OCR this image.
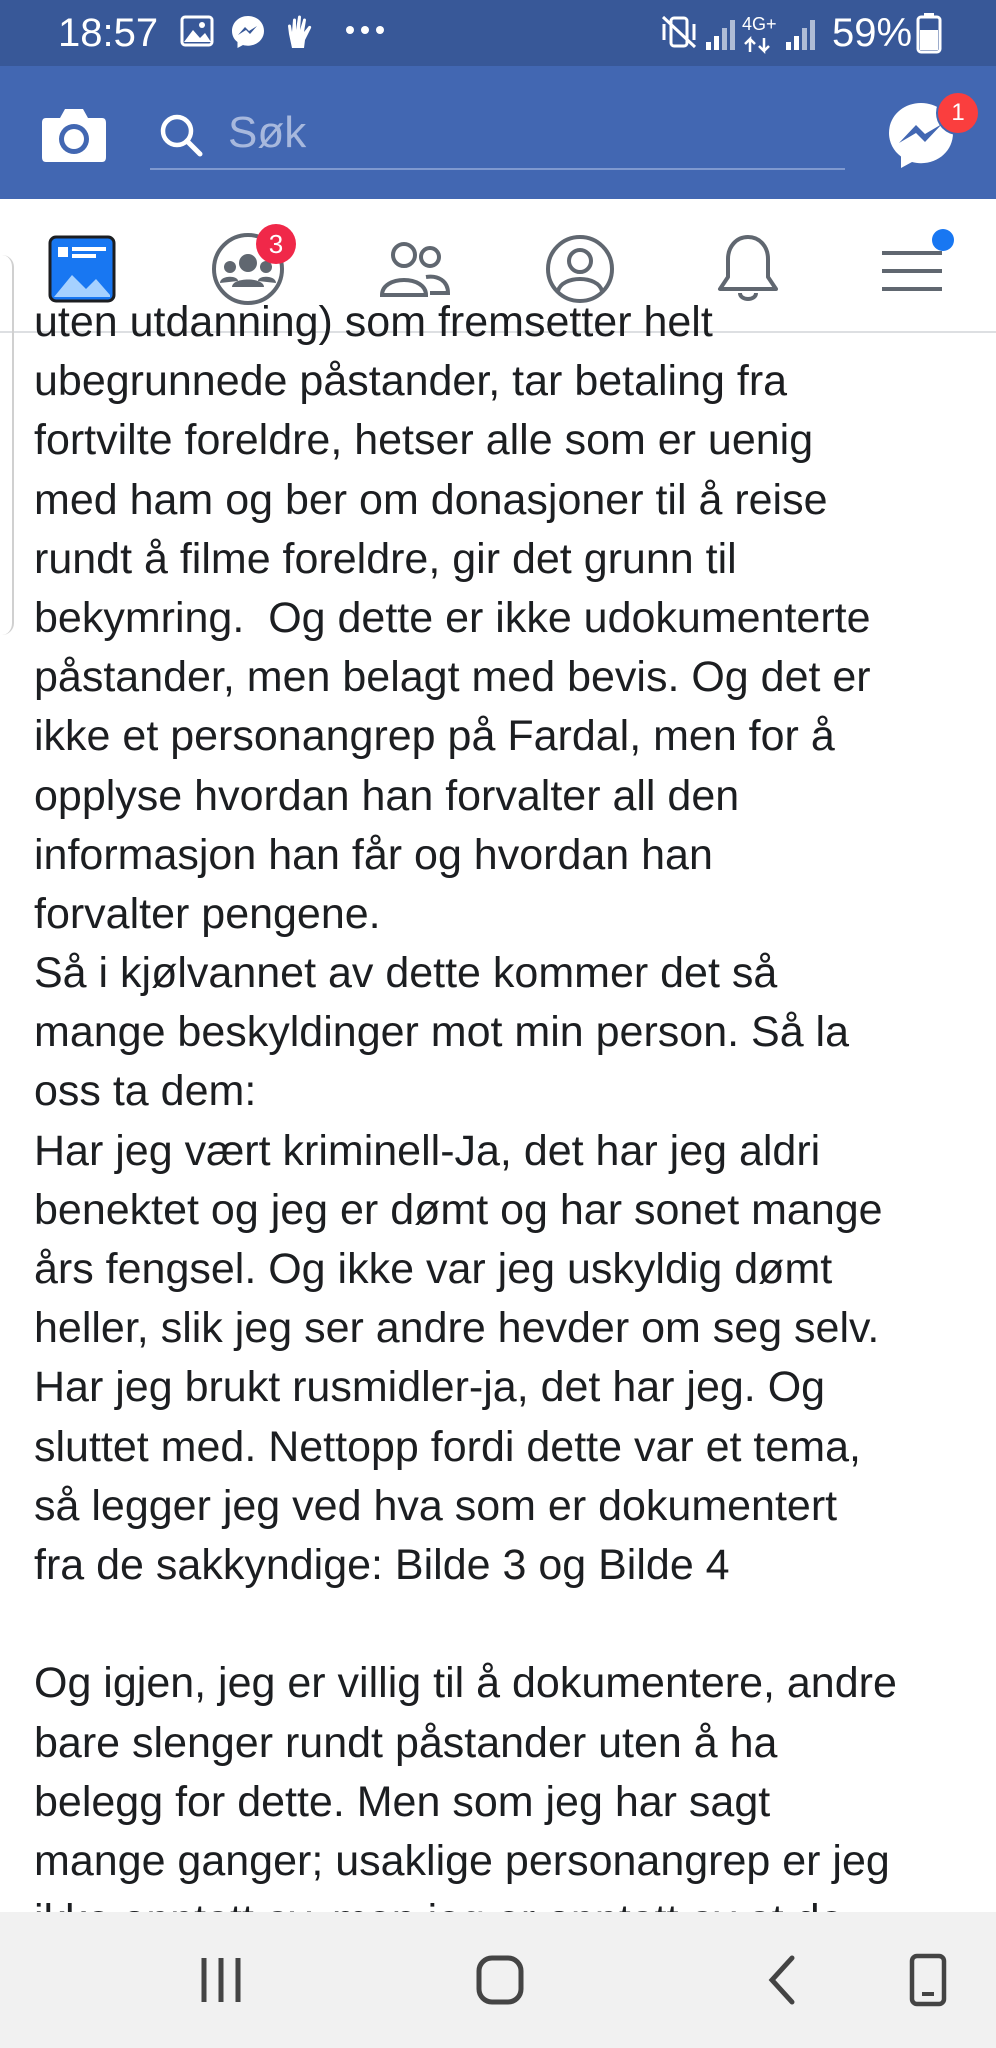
18:57	4G+ 59%
Søk
1
3
uten utdanning) som fremsetter helt
ubegrunnede påstander, tar betaling fra
fortvilte foreldre, hetser alle som er uenig
med ham og ber om donasjoner til å reise
rundt å filme foreldre, gir det grunn til
bekymring.  Og dette er ikke udokumenterte
påstander, men belagt med bevis. Og det er
ikke et personangrep på Fardal, men for å
opplyse hvordan han forvalter all den
informasjon han får og hvordan han
forvalter pengene.
Så i kjølvannet av dette kommer det så
mange beskyldinger mot min person. Så la
oss ta dem:
Har jeg vært kriminell-Ja, det har jeg aldri
benektet og jeg er dømt og har sonet mange
års fengsel. Og ikke var jeg uskyldig dømt
heller, slik jeg ser andre hevder om seg selv.
Har jeg brukt rusmidler-ja, det har jeg. Og
sluttet med. Nettopp fordi dette var et tema,
så legger jeg ved hva som er dokumentert
fra de sakkyndige: Bilde 3 og Bilde 4
Og igjen, jeg er villig til å dokumentere, andre
bare slenger rundt påstander uten å ha
belegg for dette. Men som jeg har sagt
mange ganger; usaklige personangrep er jeg
